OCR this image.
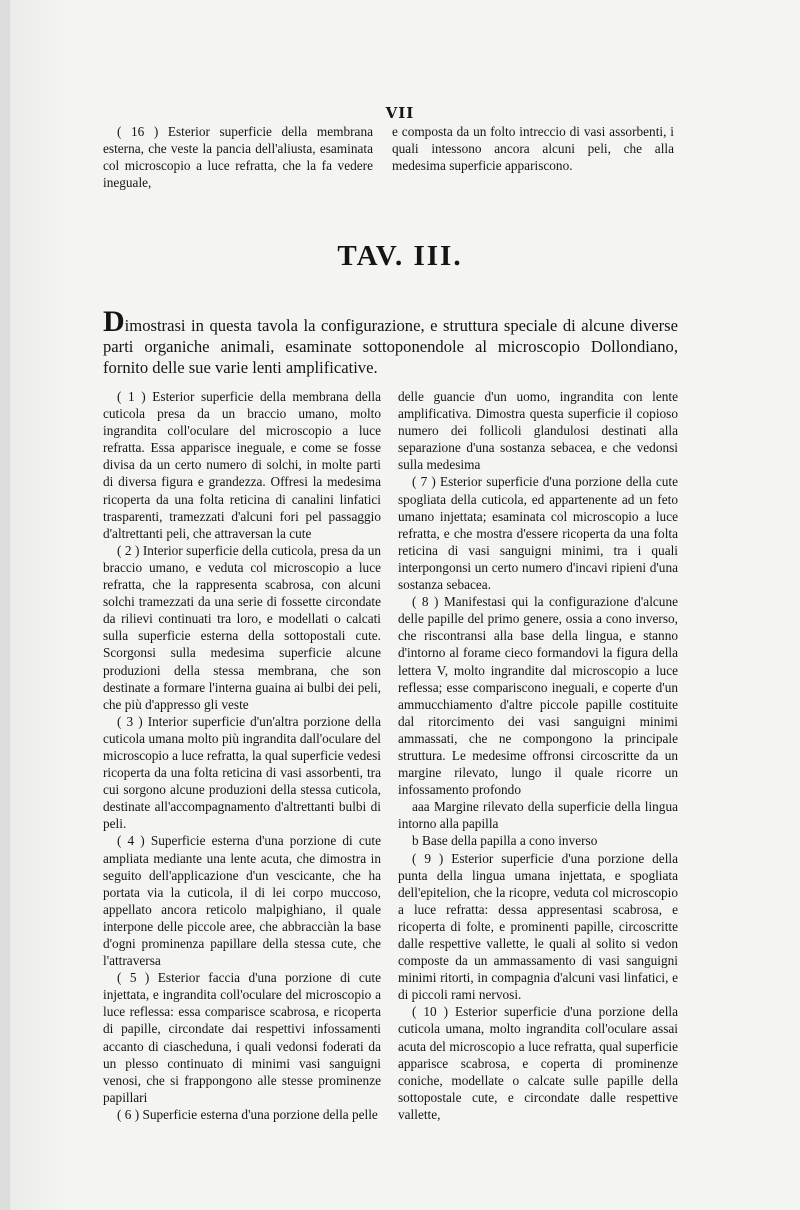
VII

( 16 ) Esterior superficie della membrana esterna, che veste la pancia dell'aliusta, esaminata col microscopio a luce refratta, che la fa vedere ineguale,

e composta da un folto intreccio di vasi assorbenti, i quali intessono ancora alcuni peli, che alla medesima superficie appariscono.

TAV. III.
Dimostrasi in questa tavola la configurazione, e struttura speciale di alcune diverse parti organiche animali, esaminate sottoponendole al microscopio Dollondiano, fornito delle sue varie lenti amplificative.

( 1 ) Esterior superficie della membrana della cuticola presa da un braccio umano, molto ingrandita coll'oculare del microscopio a luce refratta. Essa apparisce ineguale, e come se fosse divisa da un certo numero di solchi, in molte parti di diversa figura e grandezza. Offresi la medesima ricoperta da una folta reticina di canalini linfatici trasparenti, tramezzati d'alcuni fori pel passaggio d'altrettanti peli, che attraversan la cute

( 2 ) Interior superficie della cuticola, presa da un braccio umano, e veduta col microscopio a luce refratta, che la rappresenta scabrosa, con alcuni solchi tramezzati da una serie di fossette circondate da rilievi continuati tra loro, e modellati o calcati sulla superficie esterna della sottopostali cute. Scorgonsi sulla medesima superficie alcune produzioni della stessa membrana, che son destinate a formare l'interna guaina ai bulbi dei peli, che più d'appresso gli veste

( 3 ) Interior superficie d'un'altra porzione della cuticola umana molto più ingrandita dall'oculare del microscopio a luce refratta, la qual superficie vedesi ricoperta da una folta reticina di vasi assorbenti, tra cui sorgono alcune produzioni della stessa cuticola, destinate all'accompagnamento d'altrettanti bulbi di peli.

( 4 ) Superficie esterna d'una porzione di cute ampliata mediante una lente acuta, che dimostra in seguito dell'applicazione d'un vescicante, che ha portata via la cuticola, il di lei corpo muccoso, appellato ancora reticolo malpighiano, il quale interpone delle piccole aree, che abbracciàn la base d'ogni prominenza papillare della stessa cute, che l'attraversa

( 5 ) Esterior faccia d'una porzione di cute injettata, e ingrandita coll'oculare del microscopio a luce reflessa: essa comparisce scabrosa, e ricoperta di papille, circondate dai respettivi infossamenti accanto di ciascheduna, i quali vedonsi foderati da un plesso continuato di minimi vasi sanguigni venosi, che si frappongono alle stesse prominenze papillari

( 6 ) Superficie esterna d'una porzione della pelle

delle guancie d'un uomo, ingrandita con lente amplificativa. Dimostra questa superficie il copioso numero dei follicoli glandulosi destinati alla separazione d'una sostanza sebacea, e che vedonsi sulla medesima

( 7 ) Esterior superficie d'una porzione della cute spogliata della cuticola, ed appartenente ad un feto umano injettata; esaminata col microscopio a luce refratta, e che mostra d'essere ricoperta da una folta reticina di vasi sanguigni minimi, tra i quali interpongonsi un certo numero d'incavi ripieni d'una sostanza sebacea.

( 8 ) Manifestasi qui la configurazione d'alcune delle papille del primo genere, ossia a cono inverso, che riscontransi alla base della lingua, e stanno d'intorno al forame cieco formandovi la figura della lettera V, molto ingrandite dal microscopio a luce reflessa; esse compariscono ineguali, e coperte d'un ammucchiamento d'altre piccole papille costituite dal ritorcimento dei vasi sanguigni minimi ammassati, che ne compongono la principale struttura. Le medesime offronsi circoscritte da un margine rilevato, lungo il quale ricorre un infossamento profondo

aaa Margine rilevato della superficie della lingua intorno alla papilla

b Base della papilla a cono inverso

( 9 ) Esterior superficie d'una porzione della punta della lingua umana injettata, e spogliata dell'epitelion, che la ricopre, veduta col microscopio a luce refratta: dessa appresentasi scabrosa, e ricoperta di folte, e prominenti papille, circoscritte dalle respettive vallette, le quali al solito si vedon composte da un ammassamento di vasi sanguigni minimi ritorti, in compagnia d'alcuni vasi linfatici, e di piccoli rami nervosi.

( 10 ) Esterior superficie d'una porzione della cuticola umana, molto ingrandita coll'oculare assai acuta del microscopio a luce refratta, qual superficie apparisce scabrosa, e coperta di prominenze coniche, modellate o calcate sulle papille della sottopostale cute, e circondate dalle respettive vallette,
